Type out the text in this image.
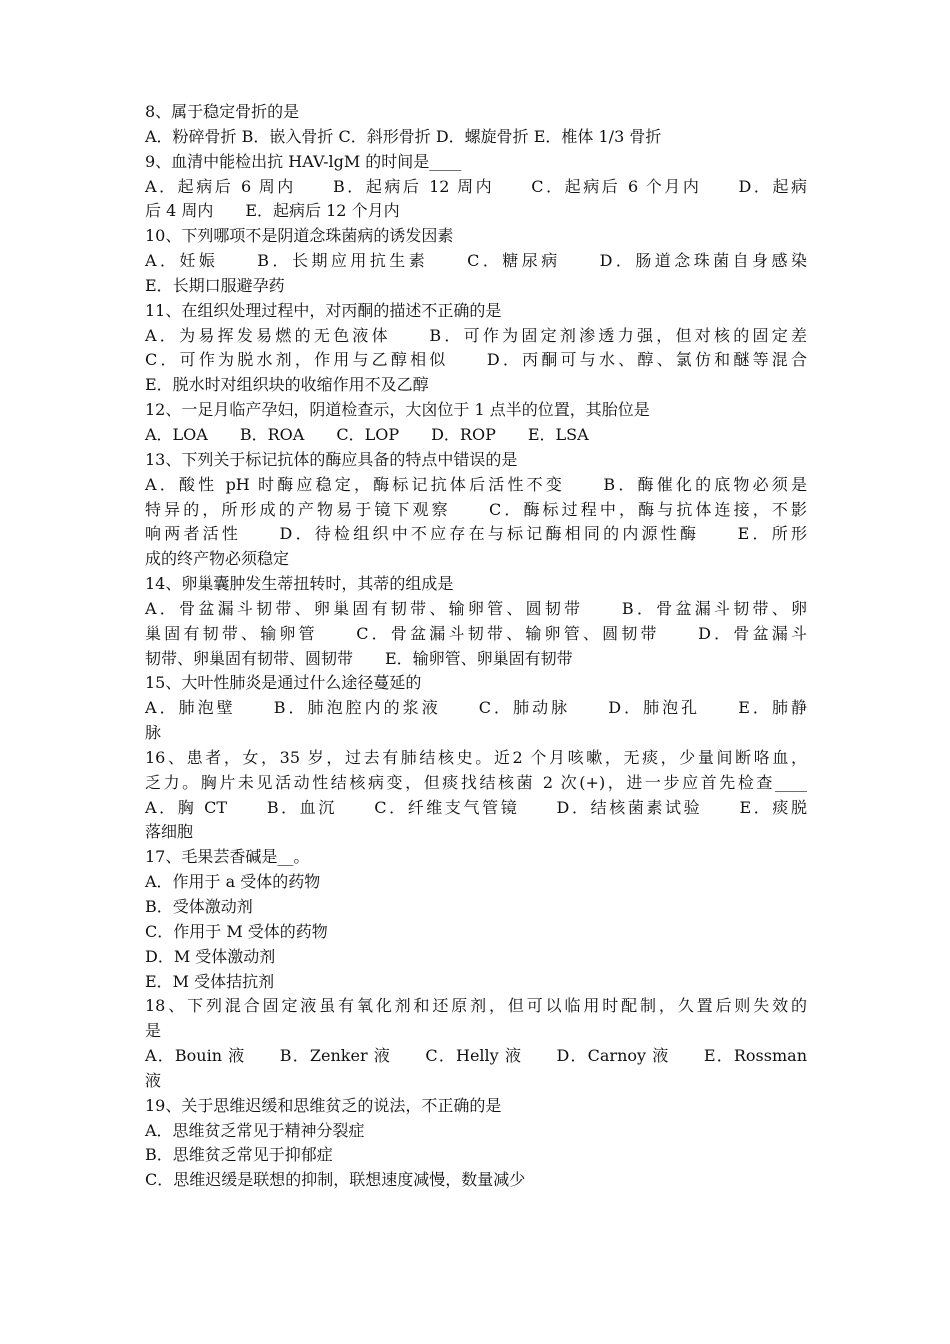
8、属于稳定骨折的是
A．粉碎骨折 B．嵌入骨折 C．斜形骨折 D．螺旋骨折 E．椎体 1/3 骨折
9、血清中能检出抗 HAV-lgM 的时间是____
A．起病后 6 周内　　B．起病后 12 周内　　C．起病后 6 个月内　　D．起病
后 4 周内　　E．起病后 12 个月内
10、下列哪项不是阴道念珠菌病的诱发因素
A．妊娠　　B．长期应用抗生素　　C．糖尿病　　D．肠道念珠菌自身感染
E．长期口服避孕药
11、在组织处理过程中，对丙酮的描述不正确的是
A．为易挥发易燃的无色液体　　B．可作为固定剂渗透力强，但对核的固定差
C．可作为脱水剂，作用与乙醇相似　　D．丙酮可与水、醇、氯仿和醚等混合
E．脱水时对组织块的收缩作用不及乙醇
12、一足月临产孕妇，阴道检查示，大囟位于 1 点半的位置，其胎位是
A．LOA　　B．ROA　　C．LOP　　D．ROP　　E．LSA
13、下列关于标记抗体的酶应具备的特点中错误的是
A．酸性 pH 时酶应稳定，酶标记抗体后活性不变　　B．酶催化的底物必须是
特异的，所形成的产物易于镜下观察　　C．酶标过程中，酶与抗体连接，不影
响两者活性　　D．待检组织中不应存在与标记酶相同的内源性酶　　E．所形
成的终产物必须稳定
14、卵巢囊肿发生蒂扭转时，其蒂的组成是
A．骨盆漏斗韧带、卵巢固有韧带、输卵管、圆韧带　　B．骨盆漏斗韧带、卵
巢固有韧带、输卵管　　C．骨盆漏斗韧带、输卵管、圆韧带　　D．骨盆漏斗
韧带、卵巢固有韧带、圆韧带　　E．输卵管、卵巢固有韧带
15、大叶性肺炎是通过什么途径蔓延的
A．肺泡壁　　B．肺泡腔内的浆液　　C．肺动脉　　D．肺泡孔　　E．肺静
脉
16、患者，女，35 岁，过去有肺结核史。近2 个月咳嗽，无痰，少量间断咯血，
乏力。胸片未见活动性结核病变，但痰找结核菌 2 次(+)，进一步应首先检查____
A．胸 CT　　B．血沉　　C．纤维支气管镜　　D．结核菌素试验　　E．痰脱
落细胞
17、毛果芸香碱是__。
A．作用于 a 受体的药物
B．受体激动剂
C．作用于 M 受体的药物
D．M 受体激动剂
E．M 受体拮抗剂
18、下列混合固定液虽有氧化剂和还原剂，但可以临用时配制，久置后则失效的
是
A．Bouin 液　　B．Zenker 液　　C．Helly 液　　D．Carnoy 液　　E．Rossman
液
19、关于思维迟缓和思维贫乏的说法，不正确的是
A．思维贫乏常见于精神分裂症
B．思维贫乏常见于抑郁症
C．思维迟缓是联想的抑制，联想速度减慢，数量减少
